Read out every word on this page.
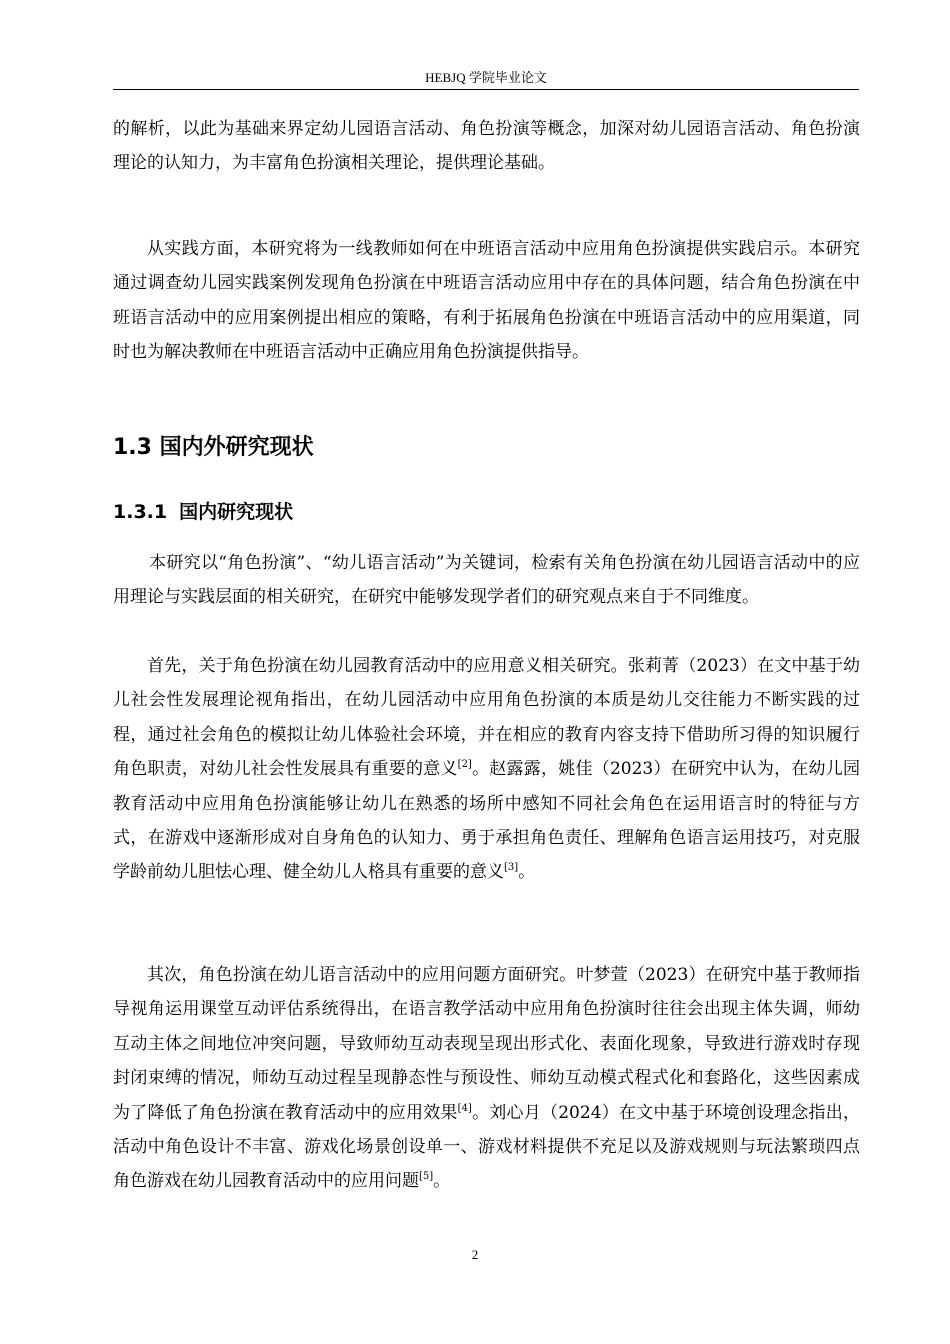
HEBJQ 学院毕业论文

的解析，以此为基础来界定幼儿园语言活动、角色扮演等概念，加深对幼儿园语言活动、角色扮演理论的认知力，为丰富角色扮演相关理论，提供理论基础。

从实践方面，本研究将为一线教师如何在中班语言活动中应用角色扮演提供实践启示。本研究通过调查幼儿园实践案例发现角色扮演在中班语言活动应用中存在的具体问题，结合角色扮演在中班语言活动中的应用案例提出相应的策略，有利于拓展角色扮演在中班语言活动中的应用渠道，同时也为解决教师在中班语言活动中正确应用角色扮演提供指导。

1.3 国内外研究现状
1.3.1 国内研究现状

本研究以“角色扮演”、“幼儿语言活动”为关键词，检索有关角色扮演在幼儿园语言活动中的应用理论与实践层面的相关研究，在研究中能够发现学者们的研究观点来自于不同维度。

首先，关于角色扮演在幼儿园教育活动中的应用意义相关研究。张莉菁（2023）在文中基于幼儿社会性发展理论视角指出，在幼儿园活动中应用角色扮演的本质是幼儿交往能力不断实践的过程，通过社会角色的模拟让幼儿体验社会环境，并在相应的教育内容支持下借助所习得的知识履行角色职责，对幼儿社会性发展具有重要的意义[2]。赵露露，姚佳（2023）在研究中认为，在幼儿园教育活动中应用角色扮演能够让幼儿在熟悉的场所中感知不同社会角色在运用语言时的特征与方式，在游戏中逐渐形成对自身角色的认知力、勇于承担角色责任、理解角色语言运用技巧，对克服学龄前幼儿胆怯心理、健全幼儿人格具有重要的意义[3]。

其次，角色扮演在幼儿语言活动中的应用问题方面研究。叶梦萱（2023）在研究中基于教师指导视角运用课堂互动评估系统得出，在语言教学活动中应用角色扮演时往往会出现主体失调，师幼互动主体之间地位冲突问题，导致师幼互动表现呈现出形式化、表面化现象，导致进行游戏时存现封闭束缚的情况，师幼互动过程呈现静态性与预设性、师幼互动模式程式化和套路化，这些因素成为了降低了角色扮演在教育活动中的应用效果[4]。刘心月（2024）在文中基于环境创设理念指出，活动中角色设计不丰富、游戏化场景创设单一、游戏材料提供不充足以及游戏规则与玩法繁琐四点角色游戏在幼儿园教育活动中的应用问题[5]。

2
